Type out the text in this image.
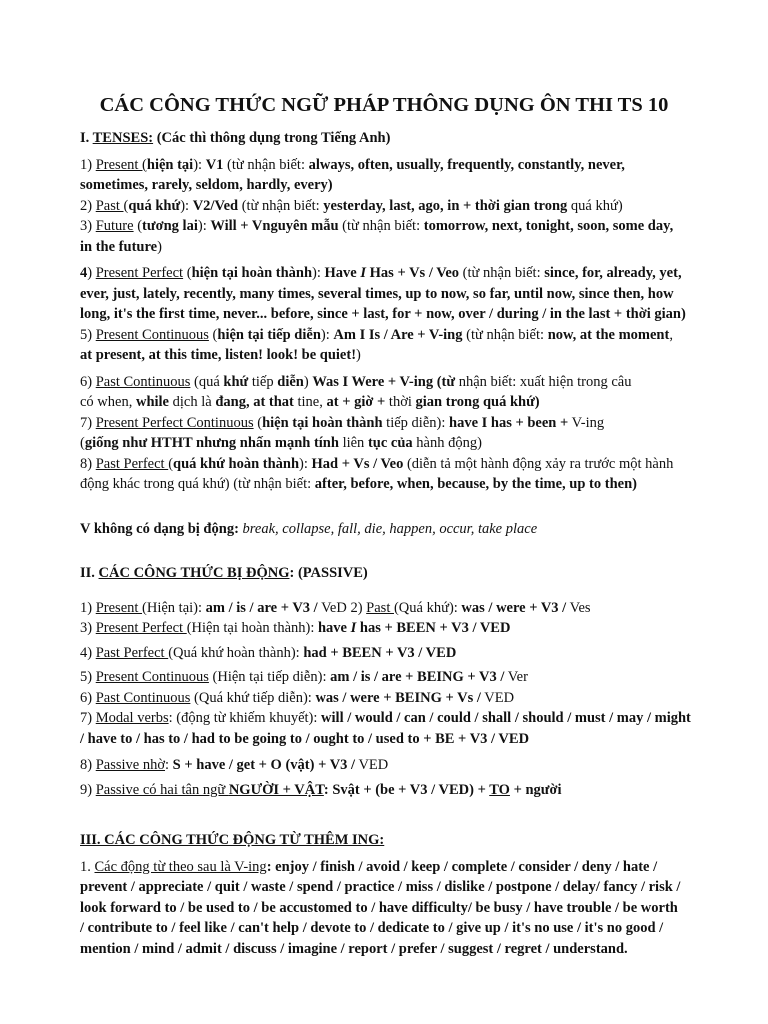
CÁC CÔNG THỨC NGỮ PHÁP THÔNG DỤNG ÔN THI TS 10

I. TENSES: (Các thì thông dụng trong Tiếng Anh)

1) Present (hiện tại): V1 (từ nhận biết: always, often, usually, frequently, constantly, never,

sometimes, rarely, seldom, hardly, every)

2) Past (quá khứ): V2/Ved (từ nhận biết: yesterday, last, ago, in + thời gian trong quá khứ)

3) Future (tương lai): Will + Vnguyên mẫu (từ nhận biết: tomorrow, next, tonight, soon, some day,

in the future)

4) Present Perfect (hiện tại hoàn thành): Have I Has + Vs / Veo (từ nhận biết: since, for, already, yet,

ever, just, lately, recently, many times, several times, up to now, so far, until now, since then, how

long, it's the first time, never... before, since + last, for + now, over / during / in the last + thời gian)

5) Present Continuous (hiện tại tiếp diễn): Am I Is / Are + V-ing (từ nhận biết: now, at the moment,

at present, at this time, listen! look! be quiet!)

6) Past Continuous (quá khứ tiếp diễn) Was I Were + V-ing (từ nhận biết: xuất hiện trong câu

có when, while dịch là đang, at that tine, at + giờ + thời gian trong quá khứ)

7) Present Perfect Continuous (hiện tại hoàn thành tiếp diễn): have I has + been + V-ing

(giống như HTHT nhưng nhấn mạnh tính liên tục của hành động)

8) Past Perfect (quá khứ hoàn thành): Had + Vs / Veo (diễn tả một hành động xảy ra trước một hành

động khác trong quá khứ) (từ nhận biết: after, before, when, because, by the time, up to then)

V không có dạng bị động: break, collapse, fall, die, happen, occur, take place

II. CÁC CÔNG THỨC BỊ ĐỘNG: (PASSIVE)

1) Present (Hiện tại): am / is / are + V3 / VeD 2) Past (Quá khứ): was / were + V3 / Ves

3) Present Perfect (Hiện tại hoàn thành): have I has + BEEN + V3 / VED

4) Past Perfect (Quá khứ hoàn thành): had + BEEN + V3 / VED

5) Present Continuous (Hiện tại tiếp diễn): am / is / are + BEING + V3 / Ver

6) Past Continuous (Quá khứ tiếp diễn): was / were + BEING + Vs / VED

7) Modal verbs: (động từ khiếm khuyết): will / would / can / could / shall / should / must / may / might

/ have to / has to / had to be going to / ought to / used to + BE + V3 / VED

8) Passive nhờ: S + have / get + O (vật) + V3 / VED

9) Passive có hai tân ngữ NGƯỜI + VẬT: Svật + (be + V3 / VED) + TO + người

III. CÁC CÔNG THỨC ĐỘNG TỪ THÊM ING:

1. Các động từ theo sau là V-ing: enjoy / finish / avoid / keep / complete / consider / deny / hate /

prevent / appreciate / quit / waste / spend / practice / miss / dislike / postpone / delay/ fancy / risk /

look forward to / be used to / be accustomed to / have difficulty/ be busy / have trouble / be worth

/ contribute to / feel like / can't help / devote to / dedicate to / give up / it's no use / it's no good /

mention / mind / admit / discuss / imagine / report / prefer / suggest / regret / understand.
